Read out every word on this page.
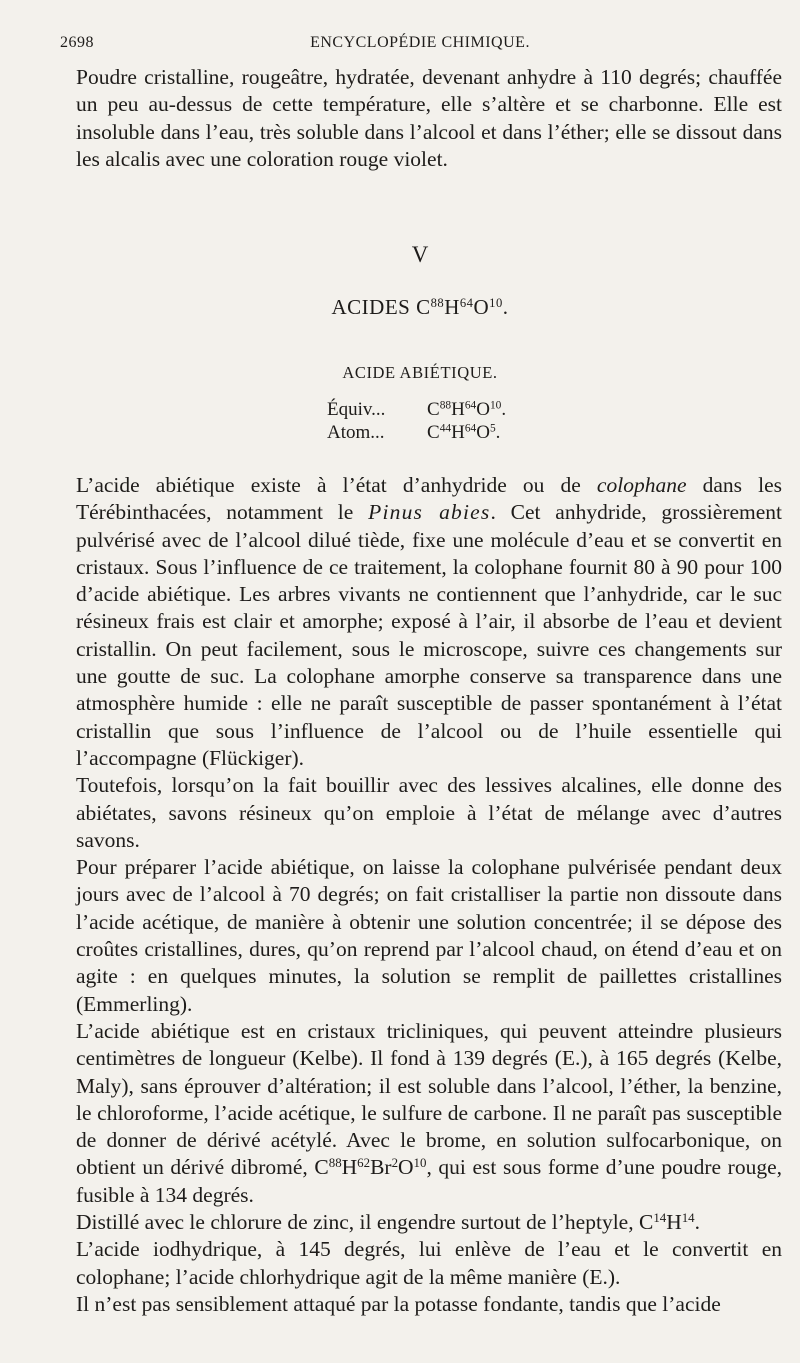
2698	ENCYCLOPÉDIE CHIMIQUE.

Poudre cristalline, rougeâtre, hydratée, devenant anhydre à 110 degrés; chauffée un peu au-dessus de cette température, elle s’altère et se charbonne. Elle est insoluble dans l’eau, très soluble dans l’alcool et dans l’éther; elle se dissout dans les alcalis avec une coloration rouge violet.

V
ACIDES $C^{88}H^{64}O^{10}$.
ACIDE ABIÉTIQUE.
Équiv...	$C^{88}H^{64}O^{10}$.
Atom...	$C^{44}H^{64}O^5$.

L’acide abiétique existe à l’état d’anhydride ou de colophane dans les Térébinthacées, notamment le Pinus abies. Cet anhydride, grossièrement pulvérisé avec de l’alcool dilué tiède, fixe une molécule d’eau et se convertit en cristaux. Sous l’influence de ce traitement, la colophane fournit 80 à 90 pour 100 d’acide abiétique. Les arbres vivants ne contiennent que l’anhydride, car le suc résineux frais est clair et amorphe; exposé à l’air, il absorbe de l’eau et devient cristallin. On peut facilement, sous le microscope, suivre ces changements sur une goutte de suc. La colophane amorphe conserve sa transparence dans une atmosphère humide : elle ne paraît susceptible de passer spontanément à l’état cristallin que sous l’influence de l’alcool ou de l’huile essentielle qui l’accompagne (Flückiger).

Toutefois, lorsqu’on la fait bouillir avec des lessives alcalines, elle donne des abiétates, savons résineux qu’on emploie à l’état de mélange avec d’autres savons.

Pour préparer l’acide abiétique, on laisse la colophane pulvérisée pendant deux jours avec de l’alcool à 70 degrés; on fait cristalliser la partie non dissoute dans l’acide acétique, de manière à obtenir une solution concentrée; il se dépose des croûtes cristallines, dures, qu’on reprend par l’alcool chaud, on étend d’eau et on agite : en quelques minutes, la solution se remplit de paillettes cristallines (Emmerling).

L’acide abiétique est en cristaux tricliniques, qui peuvent atteindre plusieurs centimètres de longueur (Kelbe). Il fond à 139 degrés (E.), à 165 degrés (Kelbe, Maly), sans éprouver d’altération; il est soluble dans l’alcool, l’éther, la benzine, le chloroforme, l’acide acétique, le sulfure de carbone. Il ne paraît pas susceptible de donner de dérivé acétylé. Avec le brome, en solution sulfocarbonique, on obtient un dérivé dibromé, $C^{88}H^{62}Br^2O^{10}$, qui est sous forme d’une poudre rouge, fusible à 134 degrés.

Distillé avec le chlorure de zinc, il engendre surtout de l’heptyle, $C^{14}H^{14}$.

L’acide iodhydrique, à 145 degrés, lui enlève de l’eau et le convertit en colophane; l’acide chlorhydrique agit de la même manière (E.).

Il n’est pas sensiblement attaqué par la potasse fondante, tandis que l’acide
